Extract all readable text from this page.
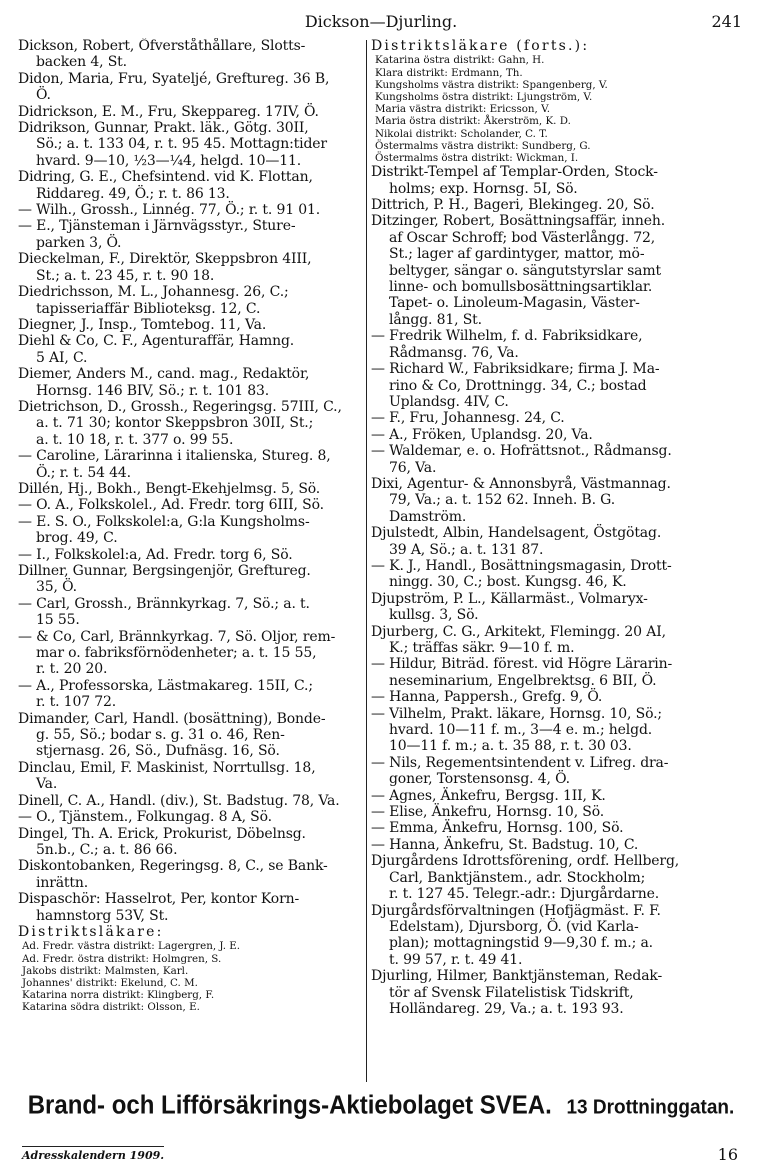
Dickson—Djurling.	241
Dickson, Robert, Öfverståthållare, Slotts-
backen 4, St.
Didon, Maria, Fru, Syateljé, Greftureg. 36 B,
Ö.
Didrickson, E. M., Fru, Skeppareg. 17IV, Ö.
Didrikson, Gunnar, Prakt. läk., Götg. 30II,
Sö.; a. t. 133 04, r. t. 95 45. Mottagn:tider
hvard. 9—10, ½3—¼4, helgd. 10—11.
Didring, G. E., Chefsintend. vid K. Flottan,
Riddareg. 49, Ö.; r. t. 86 13.
— Wilh., Grossh., Linnég. 77, Ö.; r. t. 91 01.
— E., Tjänsteman i Järnvägsstyr., Sture-
parken 3, Ö.
Dieckelman, F., Direktör, Skeppsbron 4III,
St.; a. t. 23 45, r. t. 90 18.
Diedrichsson, M. L., Johannesg. 26, C.;
tapisseriaffär Biblioteksg. 12, C.
Diegner, J., Insp., Tomtebog. 11, Va.
Diehl & Co, C. F., Agenturaffär, Hamng.
5 AI, C.
Diemer, Anders M., cand. mag., Redaktör,
Hornsg. 146 BIV, Sö.; r. t. 101 83.
Dietrichson, D., Grossh., Regeringsg. 57III, C.,
a. t. 71 30; kontor Skeppsbron 30II, St.;
a. t. 10 18, r. t. 377 o. 99 55.
— Caroline, Lärarinna i italienska, Stureg. 8,
Ö.; r. t. 54 44.
Dillén, Hj., Bokh., Bengt-Ekehjelmsg. 5, Sö.
— O. A., Folkskolel., Ad. Fredr. torg 6III, Sö.
— E. S. O., Folkskolel:a, G:la Kungsholms-
brog. 49, C.
— I., Folkskolel:a, Ad. Fredr. torg 6, Sö.
Dillner, Gunnar, Bergsingenjör, Greftureg.
35, Ö.
— Carl, Grossh., Brännkyrkag. 7, Sö.; a. t.
15 55.
— & Co, Carl, Brännkyrkag. 7, Sö. Oljor, rem-
mar o. fabriksförnödenheter; a. t. 15 55,
r. t. 20 20.
— A., Professorska, Lästmakareg. 15II, C.;
r. t. 107 72.
Dimander, Carl, Handl. (bosättning), Bonde-
g. 55, Sö.; bodar s. g. 31 o. 46, Ren-
stjernasg. 26, Sö., Dufnäsg. 16, Sö.
Dinclau, Emil, F. Maskinist, Norrtullsg. 18,
Va.
Dinell, C. A., Handl. (div.), St. Badstug. 78, Va.
— O., Tjänstem., Folkungag. 8 A, Sö.
Dingel, Th. A. Erick, Prokurist, Döbelnsg.
5n.b., C.; a. t. 86 66.
Diskontobanken, Regeringsg. 8, C., se Bank-
inrättn.
Dispaschör: Hasselrot, Per, kontor Korn-
hamnstorg 53V, St.
Distriktsläkare:
Ad. Fredr. västra distrikt: Lagergren, J. E.
Ad. Fredr. östra distrikt: Holmgren, S.
Jakobs distrikt: Malmsten, Karl.
Johannes' distrikt: Ekelund, C. M.
Katarina norra distrikt: Klingberg, F.
Katarina södra distrikt: Olsson, E.
Distriktsläkare (forts.):
Katarina östra distrikt: Gahn, H.
Klara distrikt: Erdmann, Th.
Kungsholms västra distrikt: Spangenberg, V.
Kungsholms östra distrikt: Ljungström, V.
Maria västra distrikt: Ericsson, V.
Maria östra distrikt: Åkerström, K. D.
Nikolai distrikt: Scholander, C. T.
Östermalms västra distrikt: Sundberg, G.
Östermalms östra distrikt: Wickman, I.
Distrikt-Tempel af Templar-Orden, Stock-
holms; exp. Hornsg. 5I, Sö.
Dittrich, P. H., Bageri, Blekingeg. 20, Sö.
Ditzinger, Robert, Bosättningsaffär, inneh.
af Oscar Schroff; bod Västerlångg. 72,
St.; lager af gardintyger, mattor, mö-
beltyger, sängar o. sängutstyrslar samt
linne- och bomullsbosättningsartiklar.
Tapet- o. Linoleum-Magasin, Väster-
långg. 81, St.
— Fredrik Wilhelm, f. d. Fabriksidkare,
Rådmansg. 76, Va.
— Richard W., Fabriksidkare; firma J. Ma-
rino & Co, Drottningg. 34, C.; bostad
Uplandsg. 4IV, C.
— F., Fru, Johannesg. 24, C.
— A., Fröken, Uplandsg. 20, Va.
— Waldemar, e. o. Hofrättsnot., Rådmansg.
76, Va.
Dixi, Agentur- & Annonsbyrå, Västmannag.
79, Va.; a. t. 152 62. Inneh. B. G.
Damström.
Djulstedt, Albin, Handelsagent, Östgötag.
39 A, Sö.; a. t. 131 87.
— K. J., Handl., Bosättningsmagasin, Drott-
ningg. 30, C.; bost. Kungsg. 46, K.
Djupström, P. L., Källarmäst., Volmaryx-
kullsg. 3, Sö.
Djurberg, C. G., Arkitekt, Flemingg. 20 AI,
K.; träffas säkr. 9—10 f. m.
— Hildur, Biträd. förest. vid Högre Lärarin-
neseminarium, Engelbrektsg. 6 BII, Ö.
— Hanna, Pappersh., Grefg. 9, Ö.
— Vilhelm, Prakt. läkare, Hornsg. 10, Sö.;
hvard. 10—11 f. m., 3—4 e. m.; helgd.
10—11 f. m.; a. t. 35 88, r. t. 30 03.
— Nils, Regementsintendent v. Lifreg. dra-
goner, Torstensonsg. 4, Ö.
— Agnes, Änkefru, Bergsg. 1II, K.
— Elise, Änkefru, Hornsg. 10, Sö.
— Emma, Änkefru, Hornsg. 100, Sö.
— Hanna, Änkefru, St. Badstug. 10, C.
Djurgårdens Idrottsförening, ordf. Hellberg,
Carl, Banktjänstem., adr. Stockholm;
r. t. 127 45. Telegr.-adr.: Djurgårdarne.
Djurgårdsförvaltningen (Hofjägmäst. F. F.
Edelstam), Djursborg, Ö. (vid Karla-
plan); mottagningstid 9—9,30 f. m.; a.
t. 99 57, r. t. 49 41.
Djurling, Hilmer, Banktjänsteman, Redak-
tör af Svensk Filatelistisk Tidskrift,
Holländareg. 29, Va.; a. t. 193 93.
Brand- och Lifförsäkrings-Aktiebolaget SVEA. 13 Drottninggatan.
Adresskalendern 1909.	16
